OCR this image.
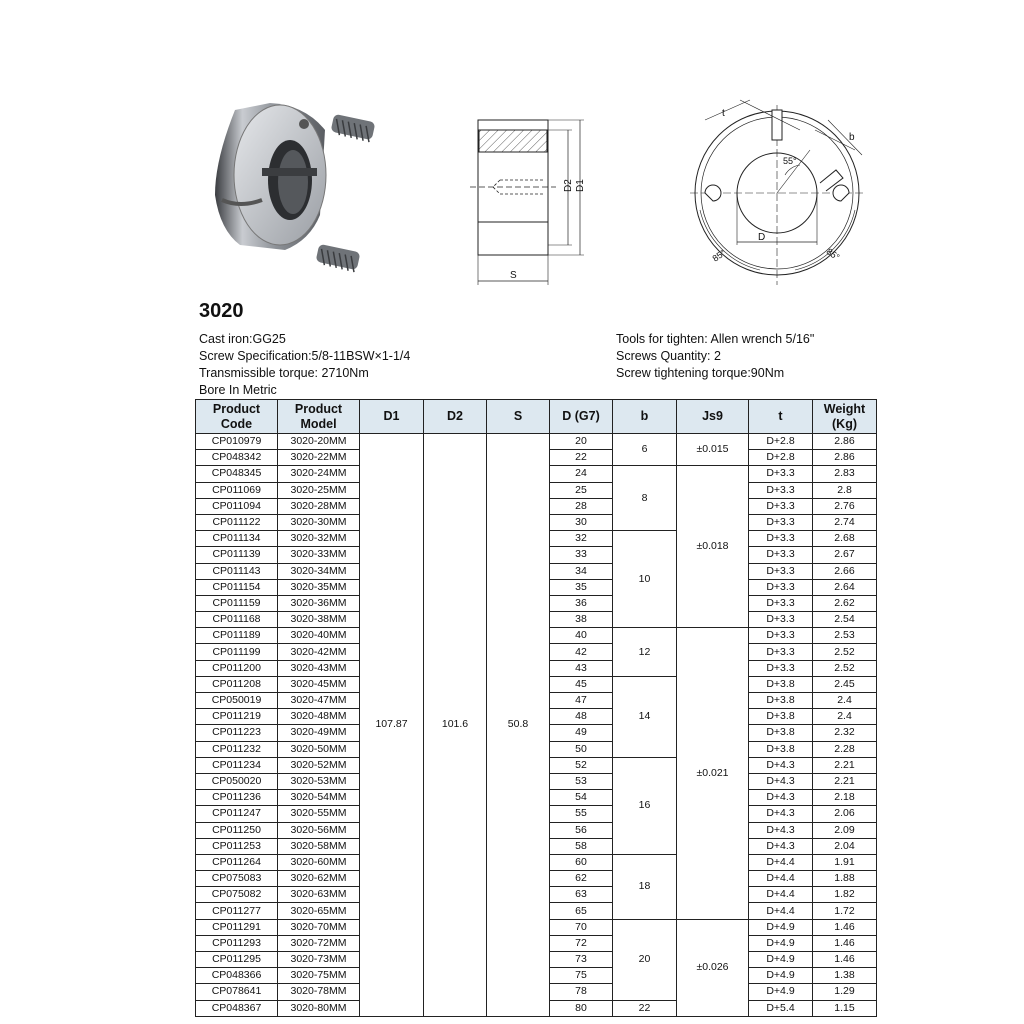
D2 D1
S
t
b
D
55°
85°	85°
3020
Cast iron:GG25
Screw Specification:5/8-11BSW×1-1/4
Transmissible torque: 2710Nm
Bore In Metric
Tools for tighten: Allen wrench 5/16"
Screws Quantity: 2
Screw tightening torque:90Nm
Product Code	Product Model	D1	D2	S	D (G7)	b	Js9	t	Weight (Kg)
CP010979	3020-20MM	107.87	101.6	50.8	20	6	±0.015	D+2.8	2.86
CP048342	3020-22MM				22			D+2.8	2.86
CP048345	3020-24MM				24	8	±0.018	D+3.3	2.83
CP011069	3020-25MM				25			D+3.3	2.8
CP011094	3020-28MM				28			D+3.3	2.76
CP011122	3020-30MM				30			D+3.3	2.74
CP011134	3020-32MM				32	10		D+3.3	2.68
CP011139	3020-33MM				33			D+3.3	2.67
CP011143	3020-34MM				34			D+3.3	2.66
CP011154	3020-35MM				35			D+3.3	2.64
CP011159	3020-36MM				36			D+3.3	2.62
CP011168	3020-38MM				38			D+3.3	2.54
CP011189	3020-40MM				40	12	±0.021	D+3.3	2.53
CP011199	3020-42MM				42			D+3.3	2.52
CP011200	3020-43MM				43			D+3.3	2.52
CP011208	3020-45MM				45	14		D+3.8	2.45
CP050019	3020-47MM				47			D+3.8	2.4
CP011219	3020-48MM				48			D+3.8	2.4
CP011223	3020-49MM				49			D+3.8	2.32
CP011232	3020-50MM				50			D+3.8	2.28
CP011234	3020-52MM				52	16		D+4.3	2.21
CP050020	3020-53MM				53			D+4.3	2.21
CP011236	3020-54MM				54			D+4.3	2.18
CP011247	3020-55MM				55			D+4.3	2.06
CP011250	3020-56MM				56			D+4.3	2.09
CP011253	3020-58MM				58			D+4.3	2.04
CP011264	3020-60MM				60	18		D+4.4	1.91
CP075083	3020-62MM				62			D+4.4	1.88
CP075082	3020-63MM				63			D+4.4	1.82
CP011277	3020-65MM				65			D+4.4	1.72
CP011291	3020-70MM				70	20	±0.026	D+4.9	1.46
CP011293	3020-72MM				72			D+4.9	1.46
CP011295	3020-73MM				73			D+4.9	1.46
CP048366	3020-75MM				75			D+4.9	1.38
CP078641	3020-78MM				78			D+4.9	1.29
CP048367	3020-80MM				80	22		D+5.4	1.15
